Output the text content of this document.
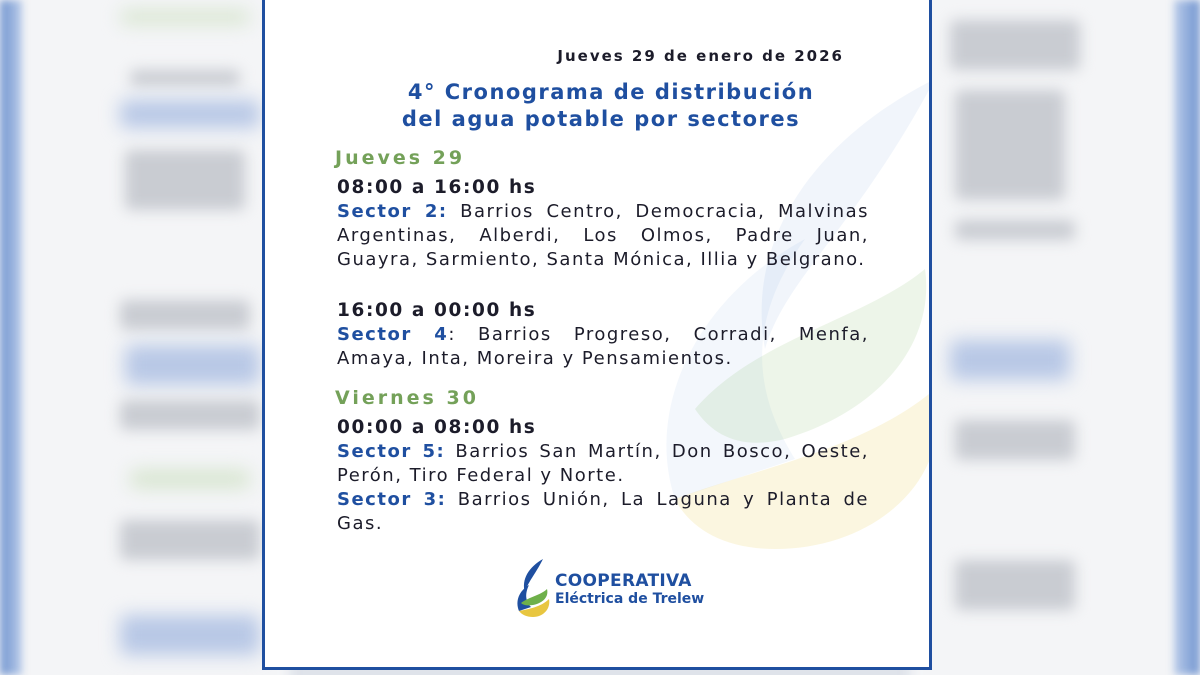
Jueves 29 de enero de 2026
4° Cronograma de distribución
del agua potable por sectores
Jueves 29
08:00 a 16:00 hs
Sector 2: Barrios Centro, Democracia, Malvinas Argentinas, Alberdi, Los Olmos, Padre Juan, Guayra, Sarmiento, Santa Mónica, Illia y Belgrano.
16:00 a 00:00 hs
Sector 4: Barrios Progreso, Corradi, Menfa, Amaya, Inta, Moreira y Pensamientos.
Viernes 30
00:00 a 08:00 hs
Sector 5: Barrios San Martín, Don Bosco, Oeste, Perón, Tiro Federal y Norte.
Sector 3: Barrios Unión, La Laguna y Planta de Gas.
COOPERATIVA
Eléctrica de Trelew
